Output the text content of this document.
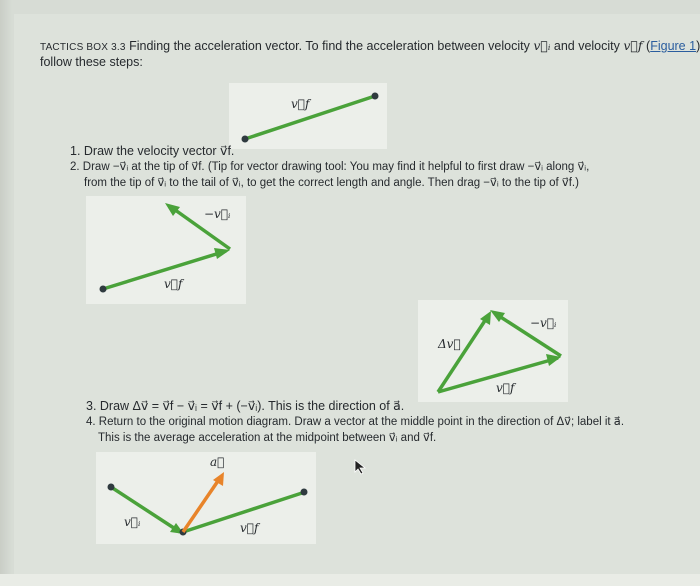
TACTICS BOX 3.3 Finding the acceleration vector. To find the acceleration between velocity v⃗ᵢ and velocity v⃗f (Figure 1)
follow these steps:
v⃗f
1. Draw the velocity vector v⃗f.
2. Draw −v⃗ᵢ at the tip of v⃗f. (Tip for vector drawing tool: You may find it helpful to first draw −v⃗ᵢ along v⃗ᵢ,
from the tip of v⃗ᵢ to the tail of v⃗ᵢ, to get the correct length and angle. Then drag −v⃗ᵢ to the tip of v⃗f.)
−v⃗ᵢ
v⃗f
Δv⃗
−v⃗ᵢ
v⃗f
3. Draw Δv⃗ = v⃗f − v⃗ᵢ = v⃗f + (−v⃗ᵢ). This is the direction of a⃗.
4. Return to the original motion diagram. Draw a vector at the middle point in the direction of Δv⃗; label it a⃗.
This is the average acceleration at the midpoint between v⃗ᵢ and v⃗f.
a⃗
v⃗ᵢ	v⃗f
